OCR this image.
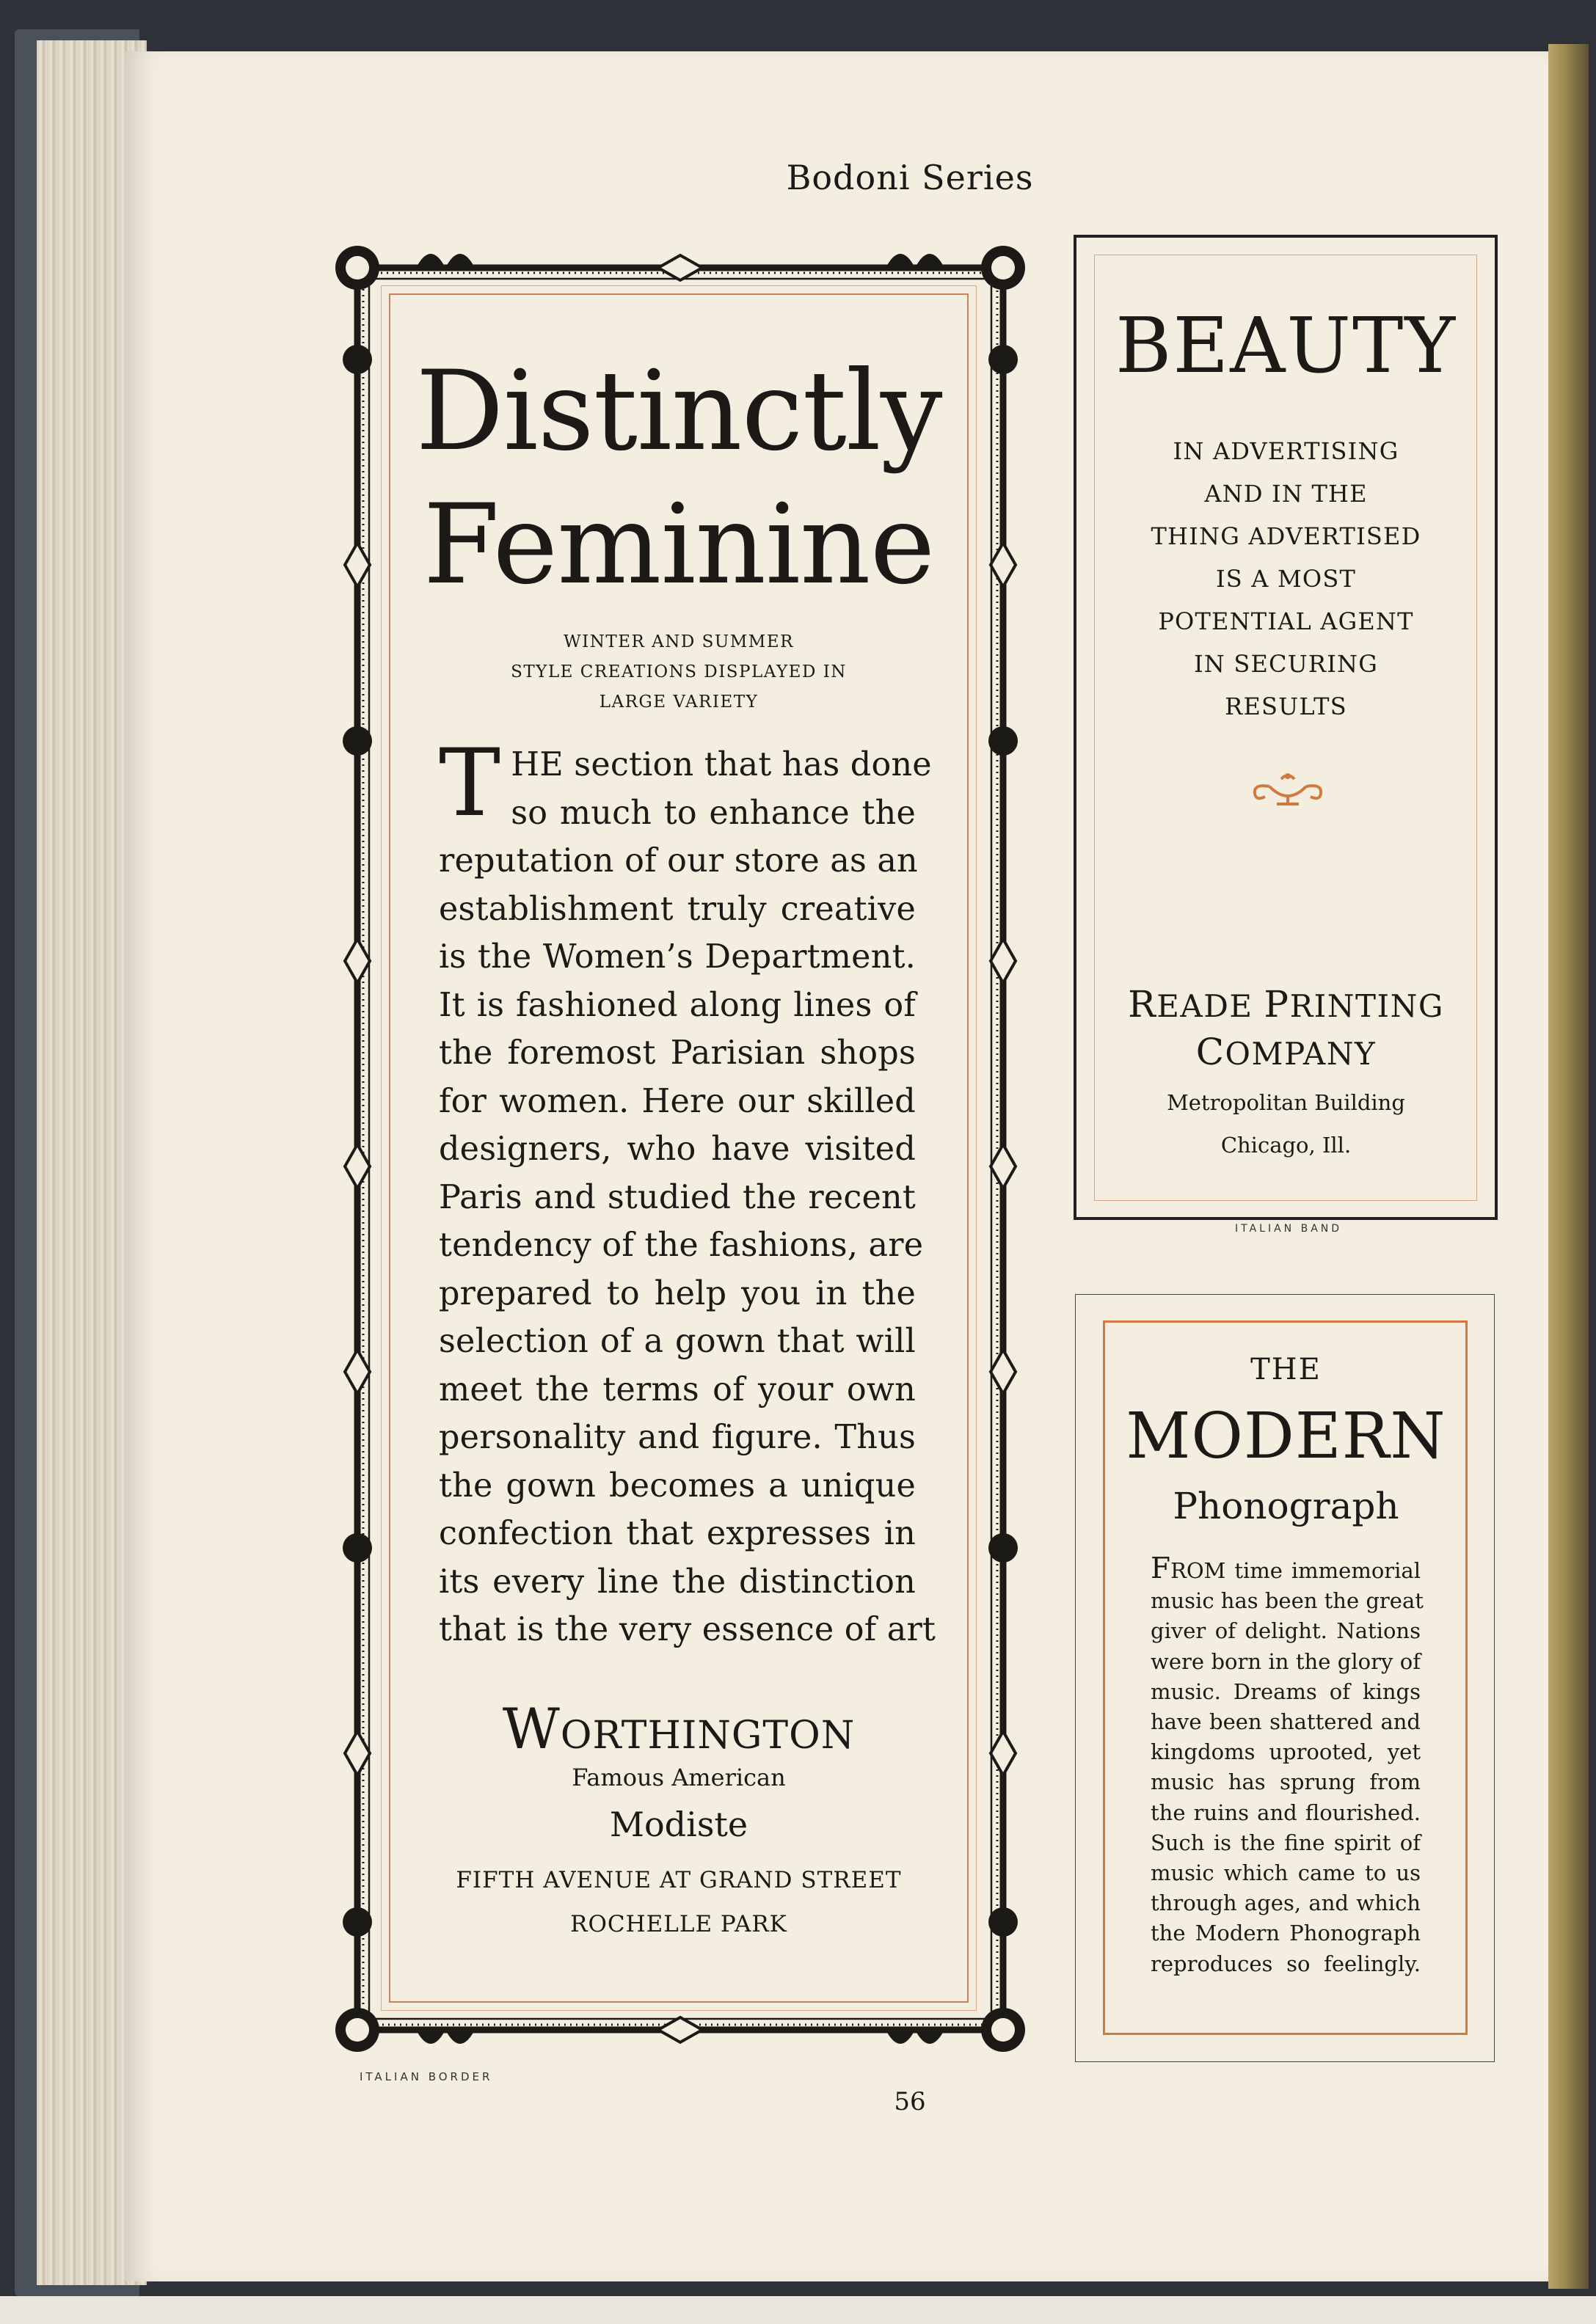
Bodoni Series
Distinctly
Feminine
WINTER AND SUMMER
STYLE CREATIONS DISPLAYED IN
LARGE VARIETY
T HE section that has done
so much to enhance the
reputation of our store as an
establishment truly creative
is the Women’s Department.
It is fashioned along lines of
the foremost Parisian shops
for women. Here our skilled
designers, who have visited
Paris and studied the recent
tendency of the fashions, are
prepared to help you in the
selection of a gown that will
meet the terms of your own
personality and figure. Thus
the gown becomes a unique
confection that expresses in
its every line the distinction
that is the very essence of art
WORTHINGTON
Famous American
Modiste
FIFTH AVENUE AT GRAND STREET
ROCHELLE PARK
ITALIAN BORDER
BEAUTY
IN ADVERTISING
AND IN THE
THING ADVERTISED
IS A MOST
POTENTIAL AGENT
IN SECURING
RESULTS
READE PRINTING
COMPANY
Metropolitan Building
Chicago, Ill.
ITALIAN BAND
THE
MODERN
Phonograph
FROM time immemorial
music has been the great
giver of delight. Nations
were born in the glory of
music. Dreams of kings
have been shattered and
kingdoms uprooted, yet
music has sprung from
the ruins and flourished.
Such is the fine spirit of
music which came to us
through ages, and which
the Modern Phonograph
reproduces so feelingly.
56
